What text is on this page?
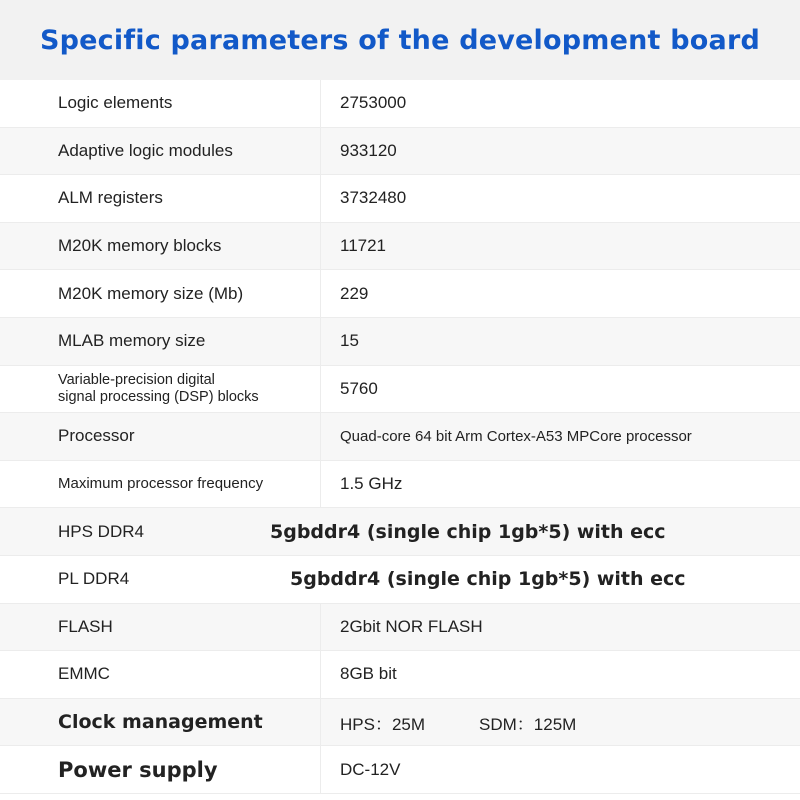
Specific parameters of the development board
Logic elements	2753000
Adaptive logic modules	933120
ALM registers	3732480
M20K memory blocks	11721
M20K memory size (Mb)	229
MLAB memory size	15
Variable-precision digital
signal processing (DSP) blocks	5760
Processor	Quad-core 64 bit Arm Cortex-A53 MPCore processor
Maximum processor frequency	1.5 GHz
HPS DDR4	5gbddr4 (single chip 1gb*5) with ecc
PL DDR4	5gbddr4 (single chip 1gb*5) with ecc
FLASH	2Gbit NOR FLASH
EMMC	8GB bit
Clock management	HPS：25M	SDM：125M
Power supply	DC-12V
